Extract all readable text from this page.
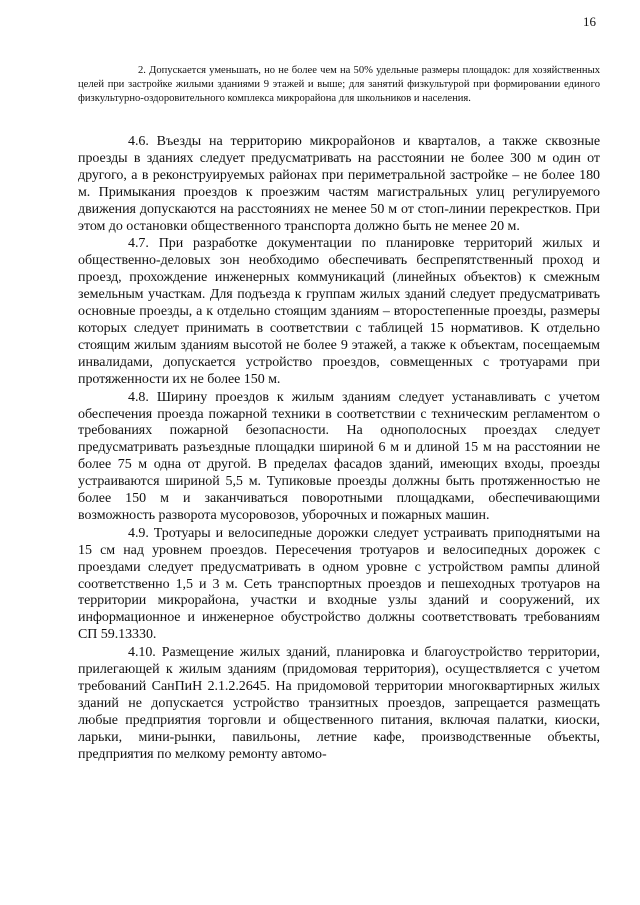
16

2. Допускается уменьшать, но не более чем на 50% удельные размеры площадок: для хозяйственных целей при застройке жилыми зданиями 9 этажей и выше; для занятий физкультурой при формировании единого физкультурно-оздоровительного комплекса микрорайона для школьников и населения.

4.6. Въезды на территорию микрорайонов и кварталов, а также сквозные проезды в зданиях следует предусматривать на расстоянии не более 300 м один от другого, а в реконструируемых районах при периметральной застройке – не более 180 м. Примыкания проездов к проезжим частям магистральных улиц регулируемого движения допускаются на расстояниях не менее 50 м от стоп-линии перекрестков. При этом до остановки общественного транспорта должно быть не менее 20 м.

4.7. При разработке документации по планировке территорий жилых и общественно-деловых зон необходимо обеспечивать беспрепятственный проход и проезд, прохождение инженерных коммуникаций (линейных объектов) к смежным земельным участкам. Для подъезда к группам жилых зданий следует предусматривать основные проезды, а к отдельно стоящим зданиям – второстепенные проезды, размеры которых следует принимать в соответствии с таблицей 15 нормативов. К отдельно стоящим жилым зданиям высотой не более 9 этажей, а также к объектам, посещаемым инвалидами, допускается устройство проездов, совмещенных с тротуарами при протяженности их не более 150 м.

4.8. Ширину проездов к жилым зданиям следует устанавливать с учетом обеспечения проезда пожарной техники в соответствии с техническим регламентом о требованиях пожарной безопасности. На однополосных проездах следует предусматривать разъездные площадки шириной 6 м и длиной 15 м на расстоянии не более 75 м одна от другой. В пределах фасадов зданий, имеющих входы, проезды устраиваются шириной 5,5 м. Тупиковые проезды должны быть протяженностью не более 150 м и заканчиваться поворотными площадками, обеспечивающими возможность разворота мусоровозов, уборочных и пожарных машин.

4.9. Тротуары и велосипедные дорожки следует устраивать приподнятыми на 15 см над уровнем проездов. Пересечения тротуаров и велосипедных дорожек с проездами следует предусматривать в одном уровне с устройством рампы длиной соответственно 1,5 и 3 м. Сеть транспортных проездов и пешеходных тротуаров на территории микрорайона, участки и входные узлы зданий и сооружений, их информационное и инженерное обустройство должны соответствовать требованиям СП 59.13330.

4.10. Размещение жилых зданий, планировка и благоустройство территории, прилегающей к жилым зданиям (придомовая территория), осуществляется с учетом требований СанПиН 2.1.2.2645. На придомовой территории многоквартирных жилых зданий не допускается устройство транзитных проездов, запрещается размещать любые предприятия торговли и общественного питания, включая палатки, киоски, ларьки, мини-рынки, павильоны, летние кафе, производственные объекты, предприятия по мелкому ремонту автомо-
